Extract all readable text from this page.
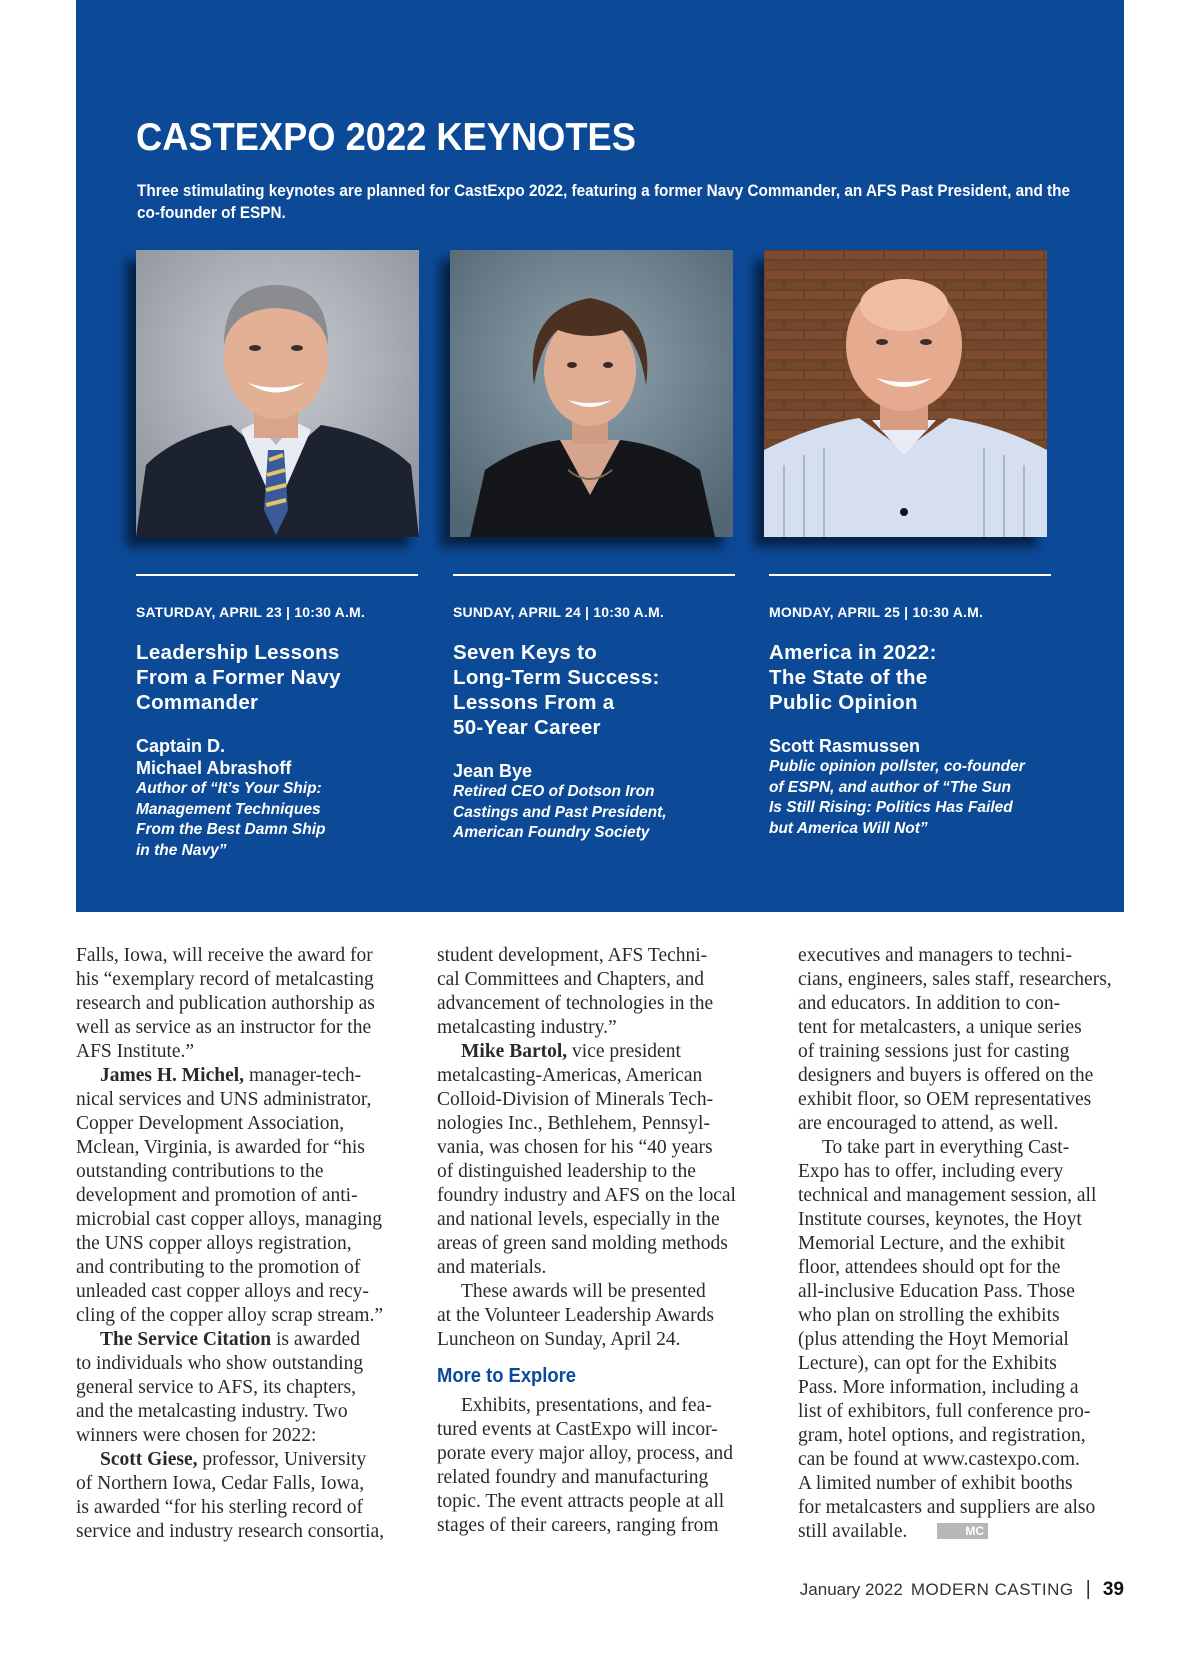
CASTEXPO 2022 KEYNOTES

Three stimulating keynotes are planned for CastExpo 2022, featuring a former Navy Commander, an AFS Past President, and the co-founder of ESPN.

SATURDAY, APRIL 23 | 10:30 A.M.

Leadership Lessons
From a Former Navy
Commander

Captain D.
Michael Abrashoff

Author of “It’s Your Ship:
Management Techniques
From the Best Damn Ship
in the Navy”

SUNDAY, APRIL 24 | 10:30 A.M.

Seven Keys to
Long-Term Success:
Lessons From a
50-Year Career

Jean Bye

Retired CEO of Dotson Iron
Castings and Past President,
American Foundry Society

MONDAY, APRIL 25 | 10:30 A.M.

America in 2022:
The State of the
Public Opinion

Scott Rasmussen

Public opinion pollster, co-founder
of ESPN, and author of “The Sun
Is Still Rising: Politics Has Failed
but America Will Not”

Falls, Iowa, will receive the award for
his “exemplary record of metalcasting
research and publication authorship as
well as service as an instructor for the
AFS Institute.”

James H. Michel, manager-tech-
nical services and UNS administrator,
Copper Development Association,
Mclean, Virginia, is awarded for “his
outstanding contributions to the
development and promotion of anti-
microbial cast copper alloys, managing
the UNS copper alloys registration,
and contributing to the promotion of
unleaded cast copper alloys and recy-
cling of the copper alloy scrap stream.”

The Service Citation is awarded
to individuals who show outstanding
general service to AFS, its chapters,
and the metalcasting industry. Two
winners were chosen for 2022:

Scott Giese, professor, University
of Northern Iowa, Cedar Falls, Iowa,
is awarded “for his sterling record of
service and industry research consortia,

student development, AFS Techni-
cal Committees and Chapters, and
advancement of technologies in the
metalcasting industry.”

Mike Bartol, vice president
metalcasting-Americas, American
Colloid-Division of Minerals Tech-
nologies Inc., Bethlehem, Pennsyl-
vania, was chosen for his “40 years
of distinguished leadership to the
foundry industry and AFS on the local
and national levels, especially in the
areas of green sand molding methods
and materials.

These awards will be presented
at the Volunteer Leadership Awards
Luncheon on Sunday, April 24.

More to Explore

Exhibits, presentations, and fea-
tured events at CastExpo will incor-
porate every major alloy, process, and
related foundry and manufacturing
topic. The event attracts people at all
stages of their careers, ranging from

executives and managers to techni-
cians, engineers, sales staff, researchers,
and educators. In addition to con-
tent for metalcasters, a unique series
of training sessions just for casting
designers and buyers is offered on the
exhibit floor, so OEM representatives
are encouraged to attend, as well.

To take part in everything Cast-
Expo has to offer, including every
technical and management session, all
Institute courses, keynotes, the Hoyt
Memorial Lecture, and the exhibit
floor, attendees should opt for the
all-inclusive Education Pass. Those
who plan on strolling the exhibits
(plus attending the Hoyt Memorial
Lecture), can opt for the Exhibits
Pass. More information, including a
list of exhibitors, full conference pro-
gram, hotel options, and registration,
can be found at www.castexpo.com.
A limited number of exhibit booths
for metalcasters and suppliers are also
still available.	MC

January 2022 MODERN CASTING | 39
